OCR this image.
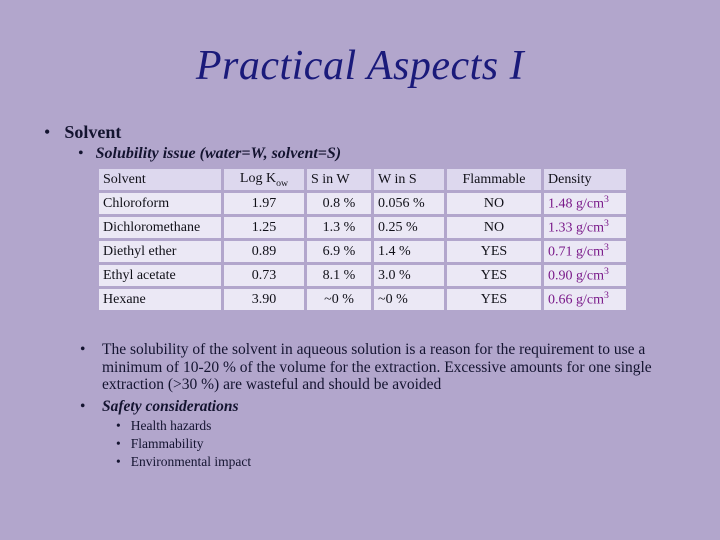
Practical Aspects I
• Solvent
• Solubility issue (water=W, solvent=S)
Solvent	Log $K_{ow}$	S in W	W in S	Flammable	Density
Chloroform	1.97	0.8 %	0.056 %	NO	1.48 $g/cm^3$
Dichloromethane	1.25	1.3 %	0.25 %	NO	1.33 $g/cm^3$
Diethyl ether	0.89	6.9 %	1.4 %	YES	0.71 $g/cm^3$
Ethyl acetate	0.73	8.1 %	3.0 %	YES	0.90 $g/cm^3$
Hexane	3.90	~0 %	~0 %	YES	0.66 $g/cm^3$
•	The solubility of the solvent in aqueous solution is a reason for the requirement to use a minimum of 10-20 % of the volume for the extraction. Excessive amounts for one single extraction (>30 %) are wasteful and should be avoided
•	Safety considerations
• Health hazards
• Flammability
• Environmental impact
